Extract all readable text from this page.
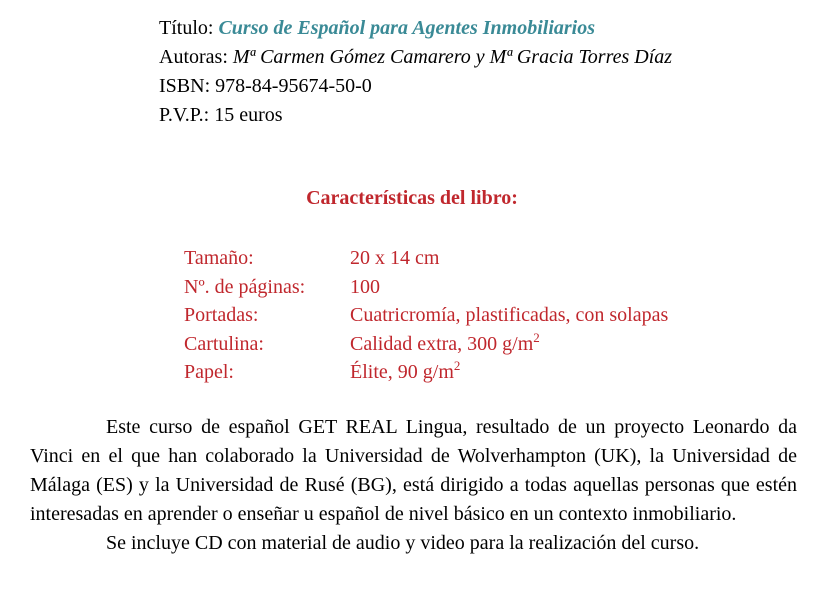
Título: Curso de Español para Agentes Inmobiliarios
Autoras: Mª Carmen Gómez Camarero y Mª Gracia Torres Díaz
ISBN: 978-84-95674-50-0
P.V.P.: 15 euros
Características del libro:
Tamaño:	20 x 14 cm
Nº. de páginas:	100
Portadas:	Cuatricromía, plastificadas, con solapas
Cartulina:	Calidad extra, 300 $g/m^2$
Papel:	Élite, 90 $g/m^2$

Este curso de español GET REAL Lingua, resultado de un proyecto Leonardo da Vinci en el que han colaborado la Universidad de Wolverhampton (UK), la Universidad de Málaga (ES) y la Universidad de Rusé (BG), está dirigido a todas aquellas personas que estén interesadas en aprender o enseñar u español de nivel básico en un contexto inmobiliario.

Se incluye CD con material de audio y video para la realización del curso.
